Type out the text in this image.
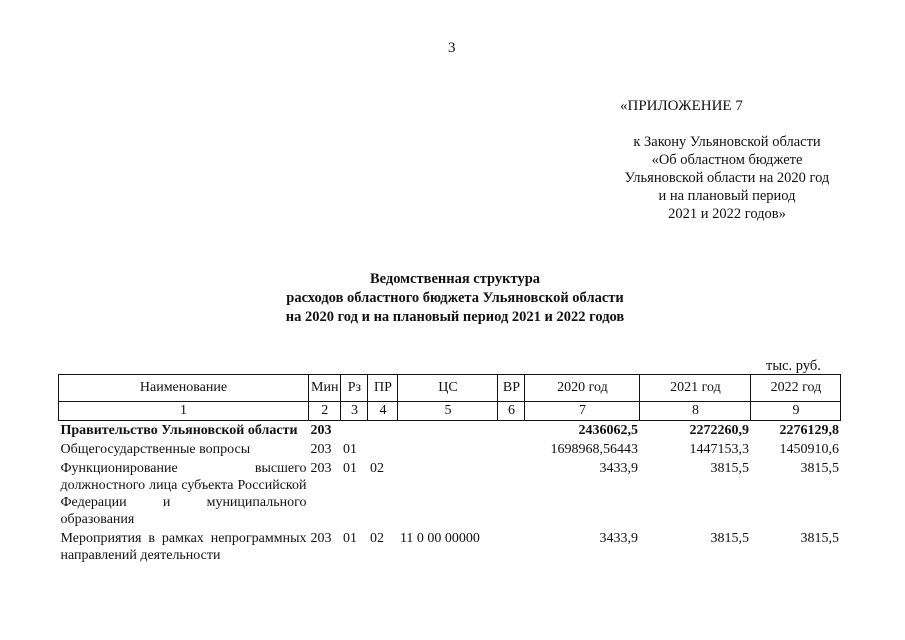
3
«ПРИЛОЖЕНИЕ 7
к Закону Ульяновской области
«Об областном бюджете
Ульяновской области на 2020 год
и на плановый период
2021 и 2022 годов»
Ведомственная структура
расходов областного бюджета Ульяновской области
на 2020 год и на плановый период 2021 и 2022 годов
тыс. руб.
Наименование	Мин	Рз	ПР	ЦС	ВР	2020 год	2021 год	2022 год
1	2	3	4	5	6	7	8	9
Правительство Ульяновской области	203					2436062,5	2272260,9	2276129,8
Общегосударственные вопросы	203	01				1698968,56443	1447153,3	1450910,6
Функционирование высшего должностного лица субъекта Российской Федерации и муниципального образования	203	01	02			3433,9	3815,5	3815,5
Мероприятия в рамках непрограммных направлений деятельности	203	01	02	11 0 00 00000		3433,9	3815,5	3815,5
